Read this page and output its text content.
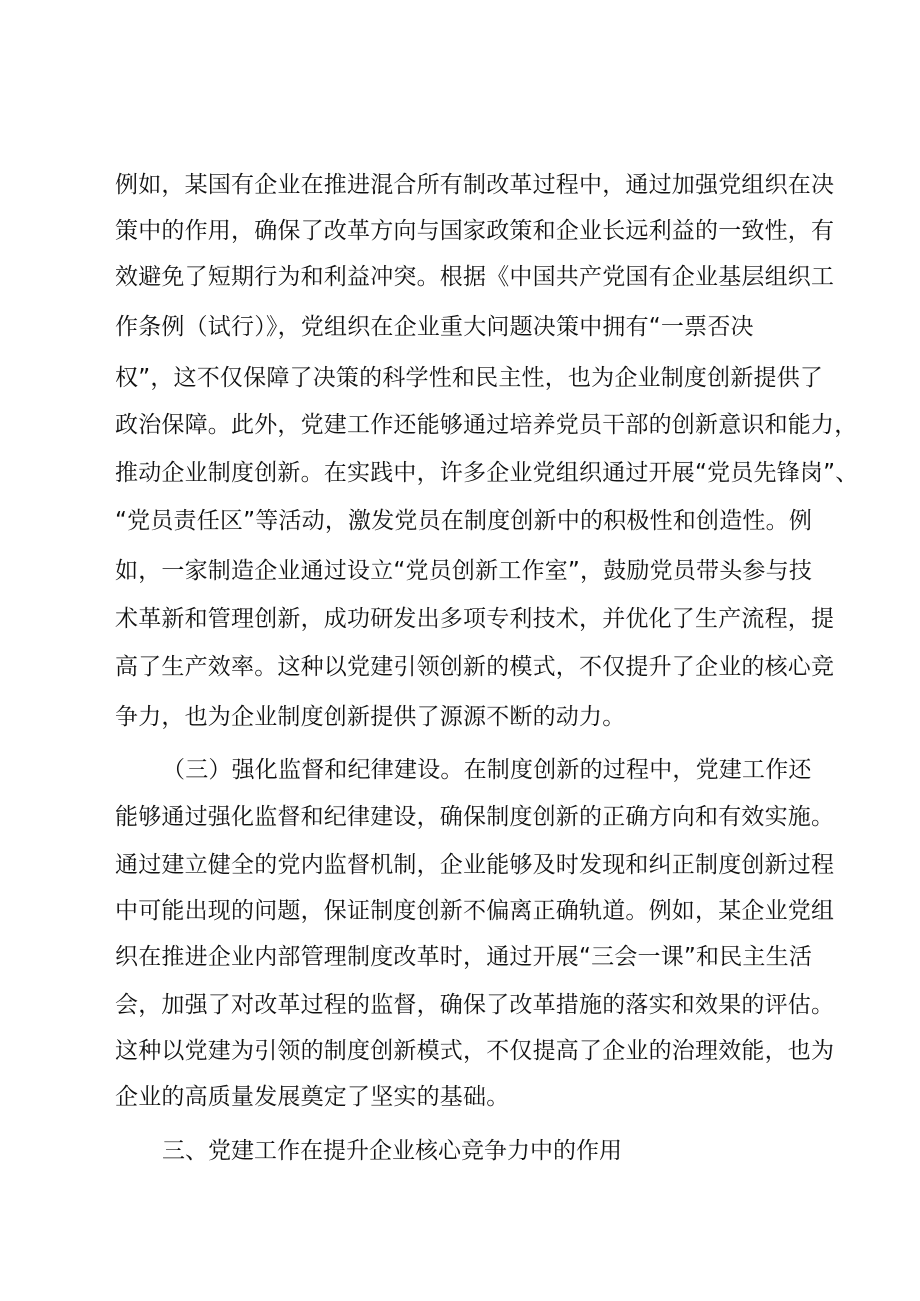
例如，某国有企业在推进混合所有制改革过程中，通过加强党组织在决
策中的作用，确保了改革方向与国家政策和企业长远利益的一致性，有
效避免了短期行为和利益冲突。根据《中国共产党国有企业基层组织工
作条例（试行）》，党组织在企业重大问题决策中拥有“一票否决
权”，这不仅保障了决策的科学性和民主性，也为企业制度创新提供了
政治保障。此外，党建工作还能够通过培养党员干部的创新意识和能力，
推动企业制度创新。在实践中，许多企业党组织通过开展“党员先锋岗”、
“党员责任区”等活动，激发党员在制度创新中的积极性和创造性。例
如，一家制造企业通过设立“党员创新工作室”，鼓励党员带头参与技
术革新和管理创新，成功研发出多项专利技术，并优化了生产流程，提
高了生产效率。这种以党建引领创新的模式，不仅提升了企业的核心竞
争力，也为企业制度创新提供了源源不断的动力。
（三）强化监督和纪律建设。在制度创新的过程中，党建工作还
能够通过强化监督和纪律建设，确保制度创新的正确方向和有效实施。
通过建立健全的党内监督机制，企业能够及时发现和纠正制度创新过程
中可能出现的问题，保证制度创新不偏离正确轨道。例如，某企业党组
织在推进企业内部管理制度改革时，通过开展“三会一课”和民主生活
会，加强了对改革过程的监督，确保了改革措施的落实和效果的评估。
这种以党建为引领的制度创新模式，不仅提高了企业的治理效能，也为
企业的高质量发展奠定了坚实的基础。
三、党建工作在提升企业核心竞争力中的作用
